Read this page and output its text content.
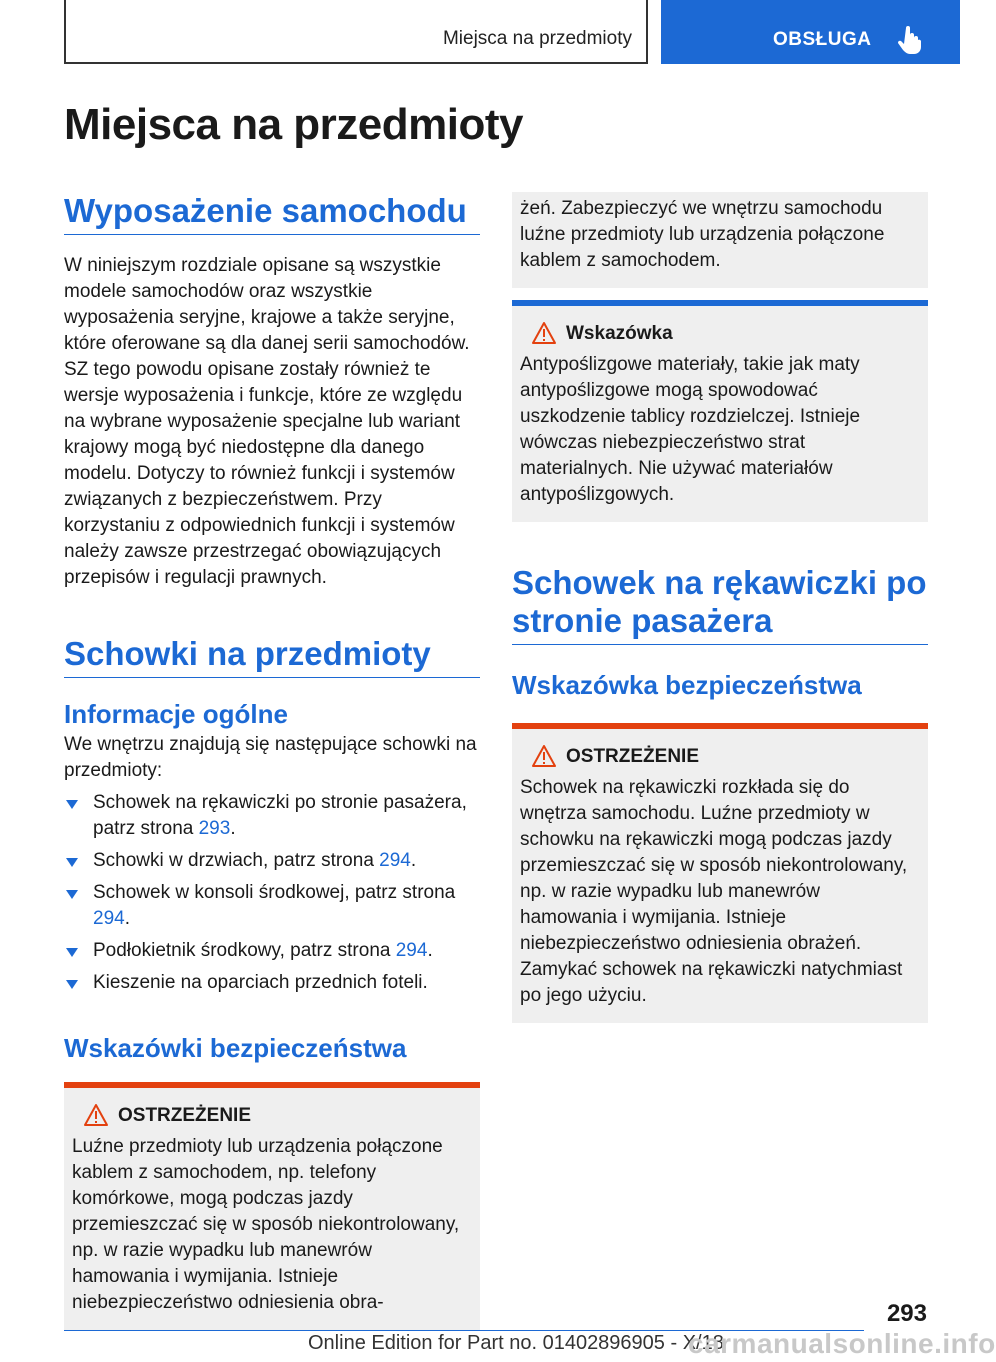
Miejsca na przedmioty	OBSŁUGA
Miejsca na przedmioty
Wyposażenie samochodu

W niniejszym rozdziale opisane są wszystkie modele samochodów oraz wszystkie wyposażenia seryjne, krajowe a także seryjne, które oferowane są dla danej serii samochodów. SZ tego powodu opisane zostały również te wersje wyposażenia i funkcje, które ze względu na wybrane wyposażenie specjalne lub wariant krajowy mogą być niedostępne dla danego modelu. Dotyczy to również funkcji i systemów związanych z bezpieczeństwem. Przy korzystaniu z odpowiednich funkcji i systemów należy zawsze przestrzegać obowiązujących przepisów i regulacji prawnych.

Schowki na przedmioty
Informacje ogólne

We wnętrzu znajdują się następujące schowki na przedmioty:

Schowek na rękawiczki po stronie pasażera, patrz strona 293.
Schowki w drzwiach, patrz strona 294.
Schowek w konsoli środkowej, patrz strona 294.
Podłokietnik środkowy, patrz strona 294.
Kieszenie na oparciach przednich foteli.
Wskazówki bezpieczeństwa
OSTRZEŻENIE

Luźne przedmioty lub urządzenia połączone kablem z samochodem, np. telefony komórkowe, mogą podczas jazdy przemieszczać się w sposób niekontrolowany, np. w razie wypadku lub manewrów hamowania i wymijania. Istnieje niebezpieczeństwo odniesienia obra-

żeń. Zabezpieczyć we wnętrzu samochodu luźne przedmioty lub urządzenia połączone kablem z samochodem.

Wskazówka

Antypoślizgowe materiały, takie jak maty antypoślizgowe mogą spowodować uszkodzenie tablicy rozdzielczej. Istnieje wówczas niebezpieczeństwo strat materialnych. Nie używać materiałów antypoślizgowych.

Schowek na rękawiczki po stronie pasażera
Wskazówka bezpieczeństwa
OSTRZEŻENIE

Schowek na rękawiczki rozkłada się do wnętrza samochodu. Luźne przedmioty w schowku na rękawiczki mogą podczas jazdy przemieszczać się w sposób niekontrolowany, np. w razie wypadku lub manewrów hamowania i wymijania. Istnieje niebezpieczeństwo odniesienia obrażeń. Zamykać schowek na rękawiczki natychmiast po jego użyciu.

293
Online Edition for Part no. 01402896905 - X/18
carmanualsonline.info
